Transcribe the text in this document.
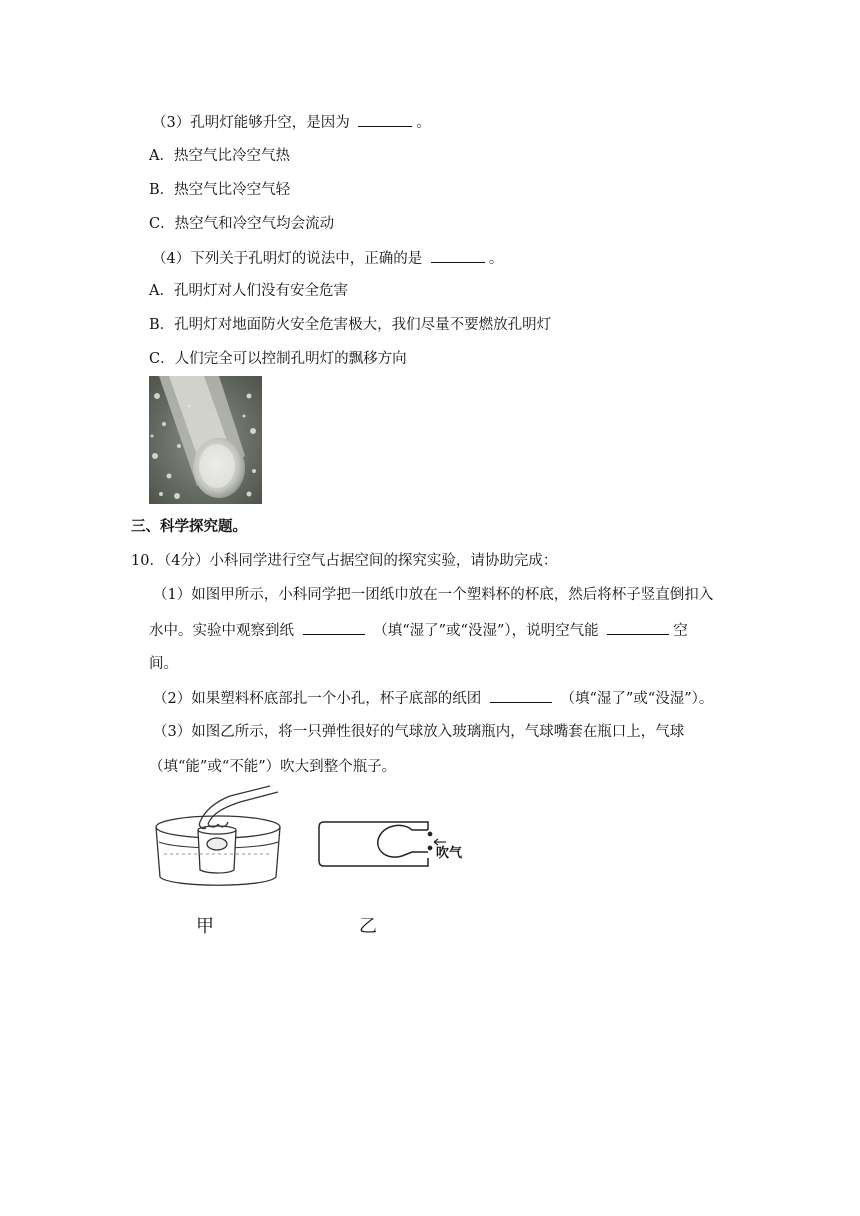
（3）孔明灯能够升空，是因为	。
A．热空气比冷空气热
B．热空气比冷空气轻
C．热空气和冷空气均会流动
（4）下列关于孔明灯的说法中，正确的是	。
A．孔明灯对人们没有安全危害
B．孔明灯对地面防火安全危害极大，我们尽量不要燃放孔明灯
C．人们完全可以控制孔明灯的飘移方向
三、科学探究题。
10．（4分）小科同学进行空气占据空间的探究实验，请协助完成：
（1）如图甲所示，小科同学把一团纸巾放在一个塑料杯的杯底，然后将杯子竖直倒扣入
水中。实验中观察到纸	（填“湿了”或“没湿”），说明空气能	空
间。
（2）如果塑料杯底部扎一个小孔，杯子底部的纸团	（填“湿了”或“没湿”）。
（3）如图乙所示，将一只弹性很好的气球放入玻璃瓶内，气球嘴套在瓶口上，气球
（填“能”或“不能”）吹大到整个瓶子。
甲
吹气
乙
